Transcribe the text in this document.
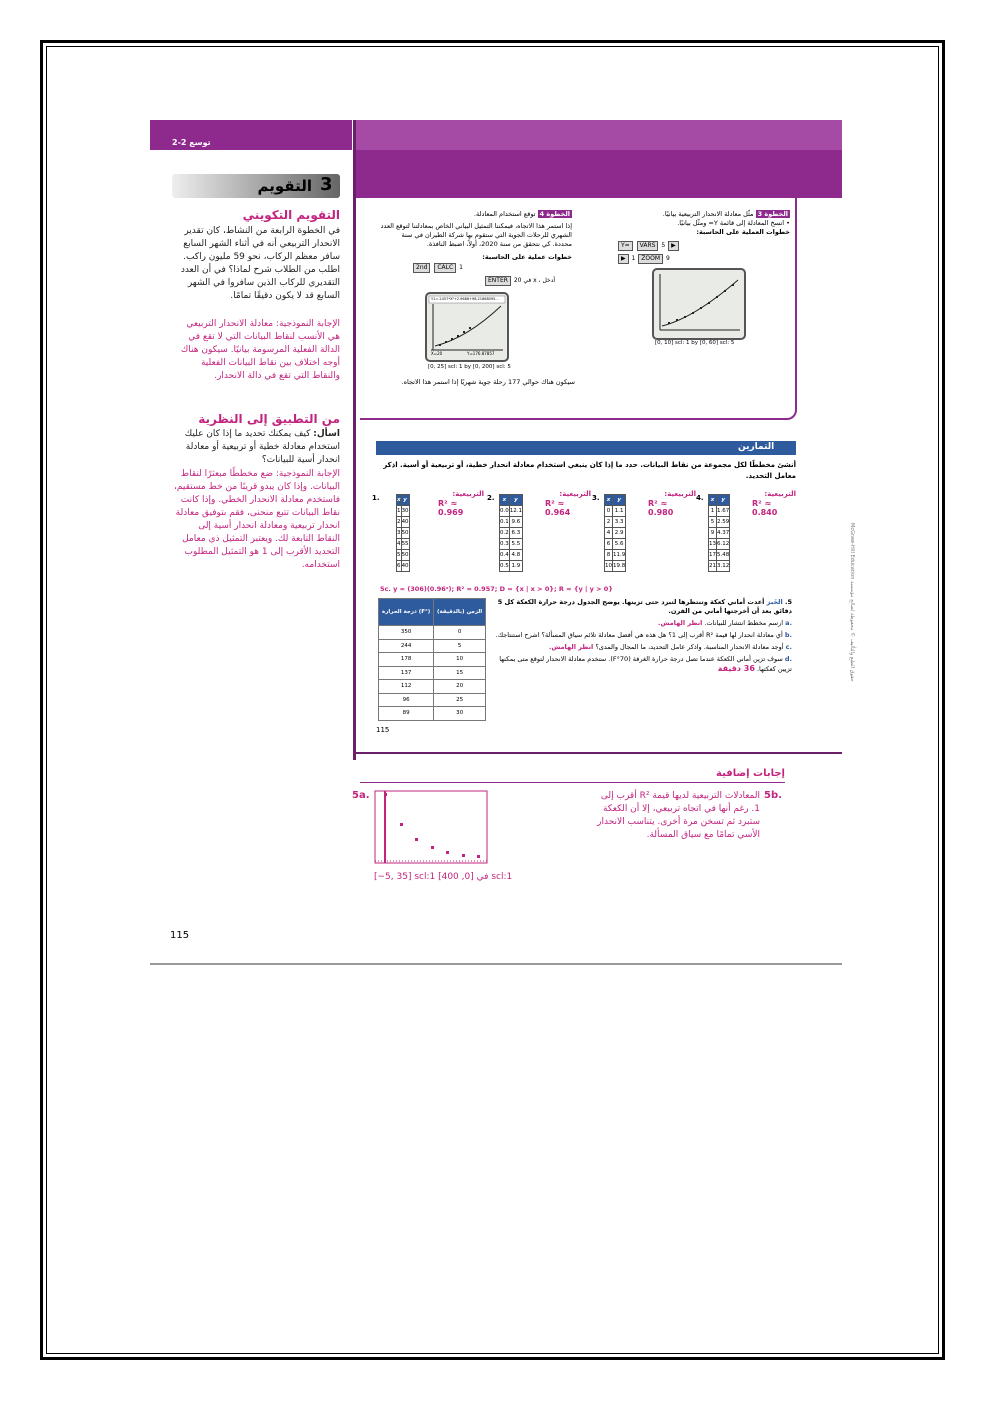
توسع 2-2
3
التقويم
التقويم التكويني
في الخطوة الرابعة من النشاط، كان تقدير الانحدار التربيعي أنه في أثناء الشهر السابع سافر معظم الركاب، نحو 59 مليون راكب. اطلب من الطلاب شرح لماذا؟ في أن العدد التقديري للركاب الذين سافروا في الشهر السابع قد لا يكون دقيقًا تمامًا.
الإجابة النموذجية: معادلة الانحدار التربيعي هي الأنسب لنقاط البيانات التي لا تقع في الدالة الفعلية المرسومة بيانيًا. سيكون هناك أوجه اختلاف بين نقاط البيانات الفعلية والنقاط التي تقع في دالة الانحدار.
من التطبيق إلى النظرية
اسأل: كيف يمكنك تحديد ما إذا كان عليك استخدام معادلة خطية أو تربيعية أو معادلة انحدار أسية للبيانات؟
الإجابة النموذجية: ضع مخططًا مبعثرًا لنقاط البيانات. وإذا كان يبدو قريبًا من خط مستقيم، فاستخدم معادلة الانحدار الخطي. وإذا كانت نقاط البيانات تتبع منحنى، فقم بتوفيق معادلة انحدار تربيعية ومعادلة انحدار أسية إلى النقاط التابعة لك. ويعتبر التمثيل ذي معامل التحديد الأقرب إلى 1 هو التمثيل المطلوب استخدامه.
الخطوة 3 مثّل معادلة الانحدار التربيعية بيانيًا.
• انسخ المعادلة إلى قائمة Y= ومثّل بيانيًا.
خطوات العملية على الحاسبة:
Y= VARS 5 ▶
▶ 1 ZOOM 9
[0, 10] scl: 1 by [0, 60] scl: 5
الخطوة 4 توقع استخدام المعادلة.
إذا استمر هذا الاتجاه، فيمكننا التمثيل البياني الخاص بمعادلتنا لتوقع العدد الشهري للرحلات الجوية التي ستقوم بها شركة الطيران في سنة محددة. كي نتحقق من سنة 2020، أولاً، اضبط النافذة.
خطوات عملية على الحاسبة:
2nd CALC 1
ENTER 20 في x ، أدخل
Y1=.2457*X²+2.9686+98.21868095...
X=20	Y=176.87857
[0, 25] scl: 1 by [0, 200] scl: 5
سيكون هناك حوالي 177 رحلة جوية شهريًا إذا استمر هذا الاتجاه.
التمارين
أنشئ مخططًا لكل مجموعة من نقاط البيانات. حدد ما إذا كان ينبغي استخدام معادلة انحدار خطية، أو تربيعية أو أسية. اذكر معامل التحديد.
1.	x	y
1	30
2	40
3	50
4	55
5	50
6	40
التربيعية:
R² ≈ 0.969
2. x	y
0.0	12.1
0.1	9.6
0.2	6.3
0.3	5.5
0.4	4.8
0.5	1.9
التربيعية:
R² ≈ 0.964
3. x	y
0	1.1
2	3.3
4	2.9
6	5.6
8	11.9
10	19.8
التربيعية:
R² ≈ 0.980
4. x	y
1	1.67
5	2.59
9	4.37
13	6.12
17	5.48
21	3.12
التربيعية:
R² ≈ 0.840
5c. y = (306)(0.96ˣ); R² = 0.957; D = {x | x > 0}; R = {y | y > 0}
5. الخَبز أعدت أماني كعكة وتنتظرها لتبرد حتى تزينها. يوضح الجدول درجة حرارة الكعكة كل 5 دقائق بعد أن أخرجتها أماني من الفرن.
.a ارسم مخطط انتشار للبيانات. انظر الهامش.
.b أي معادلة انحدار لها قيمة R² أقرب إلى 1؟ هل هذه هي أفضل معادلة تلائم سياق المسألة؟ اشرح استنتاجك.
.c أوجد معادلة الانحدار المناسبة. واذكر عامل التحديد، ما المجال والمدى؟ انظر الهامش.
.d سوف تزين أماني الكعكة عندما تصل درجة حرارة الغرفة (70°F). ستخدم معادلة الانحدار لتوقع متى يمكنها تزيين كعكتها. 36 دقيقة
درجة الحرارة (F°)	الزمن (بالدقيقة)
350	0
244	5
178	10
137	15
112	20
96	25
89	30
115
McGraw-Hill Education حقوق الطبع والتأليف © محفوظة لصالح مؤسسة
إجابات إضافية
5a.
[−5, 35] scl:1 في [0, 400] scl:1
5b.
المعادلات التربيعية لديها قيمة R² أقرب إلى 1. رغم أنها في اتجاه تربيعي، إلا أن الكعكة ستبرد ثم تسخن مرة أخرى. يتناسب الانحدار الأسي تمامًا مع سياق المسألة.
115
